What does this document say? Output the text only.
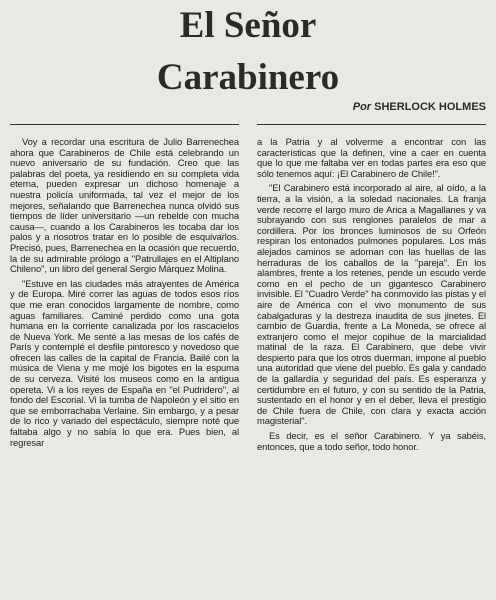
El Señor
Carabinero
Por SHERLOCK HOLMES

Voy a recordar una escritura de Julio Barrenechea ahora que Carabineros de Chile está celebrando un nuevo aniversario de su fundación. Creo que las palabras del poeta, ya residiendo en su completa vida eterna, pueden expresar un dichoso homenaje a nuestra policía uniformada, tal vez el mejor de los mejores, señalando que Barrenechea nunca olvidó sus tiempos de líder universitario —un rebelde con mucha causa—, cuando a los Carabineros les tocaba dar los palos y a nosotros tratar en lo posible de esquivarlos. Precisó, pues, Barrenechea en la ocasión que recuerdo, la de su admirable prólogo a "Patrullajes en el Altiplano Chileno", un libro del general Sergio Márquez Molina.

"Estuve en las ciudades más atrayentes de América y de Europa. Miré correr las aguas de todos esos ríos que me eran conocidos largamente de nombre, como aguas familiares. Caminé perdido como una gota humana en la corriente canalizada por los rascacielos de Nueva York. Me senté a las mesas de los cafés de París y contemplé el desfile pintoresco y novedoso que ofrecen las calles de la capital de Francia. Bailé con la música de Viena y me mojé los bigotes en la espuma de su cerveza. Visité los museos como en la antigua opereta. Vi a los reyes de España en "el Pudridero", al fondo del Escorial. Vi la tumba de Napoleón y el sitio en que se emborrachaba Verlaine. Sin embargo, y a pesar de lo rico y variado del espectáculo, siempre noté que faltaba algo y no sabía lo que era. Pues bien, al regresar

a la Patria y al volverme a encontrar con las características que la definen, vine a caer en cuenta que lo que me faltaba ver en todas partes era eso que sólo tenemos aquí: ¡El Carabinero de Chile!".

"El Carabinero está incorporado al aire, al oído, a la tierra, a la visión, a la soledad nacionales. La franja verde recorre el largo muro de Arica a Magallanes y va subrayando con sus renglones paralelos de mar a cordillera. Por los bronces luminosos de su Orfeón respiran los entonados pulmones populares. Los más alejados caminos se adornan con las huellas de las herraduras de los caballos de la "pareja". En los alambres, frente a los retenes, pende un escudo verde como en el pecho de un gigantesco Carabinero invisible. El "Cuadro Verde" ha conmovido las pistas y el aire de América con el vivo monumento de sus cabalgaduras y la destreza inaudita de sus jinetes. El cambio de Guardia, frente a La Moneda, se ofrece al extranjero como el mejor copihue de la marcialidad matinal de la raza. El Carabinero, que debe vivir despierto para que los otros duerman, impone al pueblo una autoridad que viene del pueblo. Es gala y candado de la gallardía y seguridad del país. Es esperanza y certidumbre en el futuro, y con su sentido de la Patria, sustentado en el honor y en el deber, lleva el prestigio de Chile fuera de Chile, con clara y exacta acción magisterial".

Es decir, es el señor Carabinero. Y ya sabéis, entonces, que a todo señor, todo honor.
